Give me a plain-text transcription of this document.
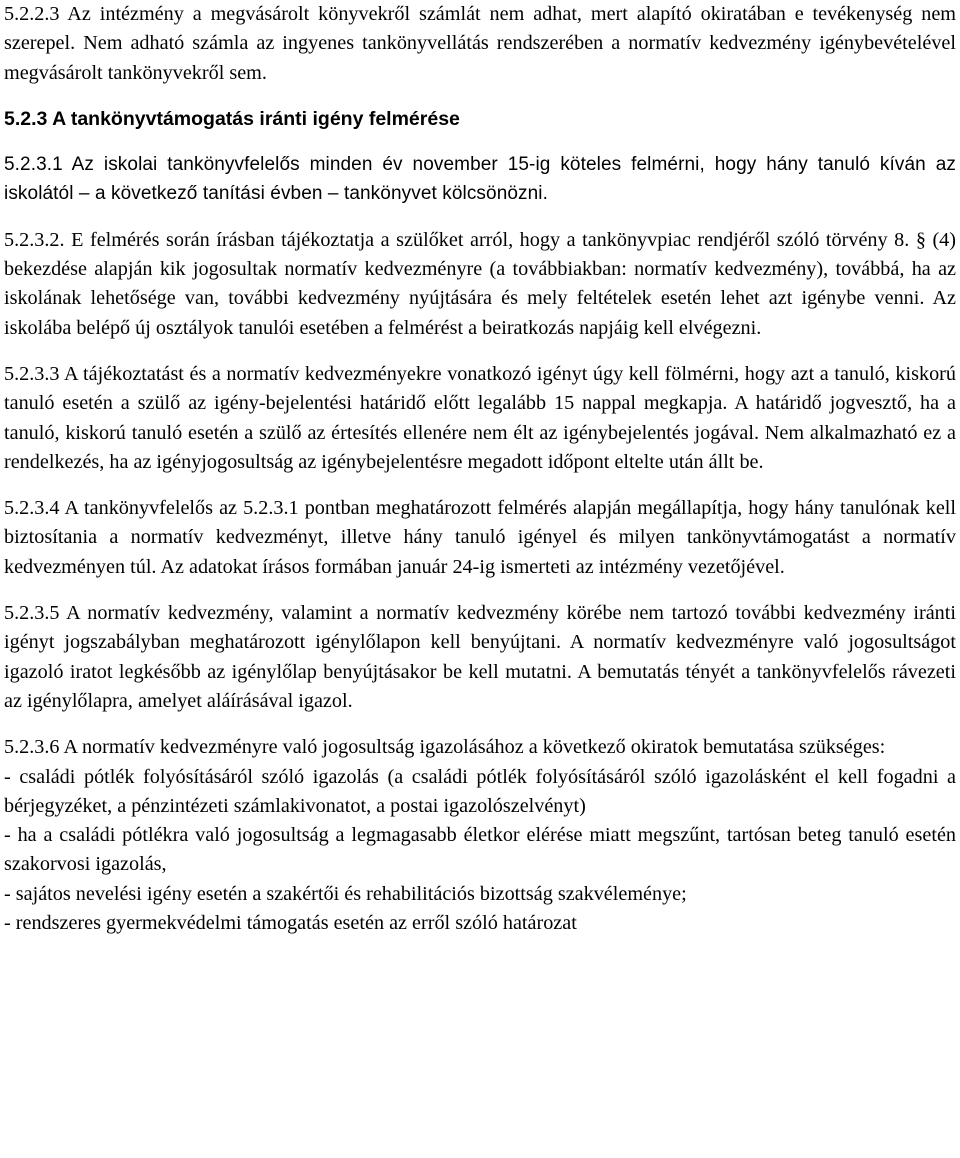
5.2.2.3 Az intézmény a megvásárolt könyvekről számlát nem adhat, mert alapító okiratában e tevékenység nem szerepel. Nem adható számla az ingyenes tankönyvellátás rendszerében a normatív kedvezmény igénybevételével megvásárolt tankönyvekről sem.

5.2.3 A tankönyvtámogatás iránti igény felmérése

5.2.3.1 Az iskolai tankönyvfelelős minden év november 15-ig köteles felmérni, hogy hány tanuló kíván az iskolától – a következő tanítási évben – tankönyvet kölcsönözni.

5.2.3.2. E felmérés során írásban tájékoztatja a szülőket arról, hogy a tankönyvpiac rendjéről szóló törvény 8. § (4) bekezdése alapján kik jogosultak normatív kedvezményre (a továbbiakban: normatív kedvezmény), továbbá, ha az iskolának lehetősége van, további kedvezmény nyújtására és mely feltételek esetén lehet azt igénybe venni. Az iskolába belépő új osztályok tanulói esetében a felmérést a beiratkozás napjáig kell elvégezni.

5.2.3.3 A tájékoztatást és a normatív kedvezményekre vonatkozó igényt úgy kell fölmérni, hogy azt a tanuló, kiskorú tanuló esetén a szülő az igény-bejelentési határidő előtt legalább 15 nappal megkapja. A határidő jogvesztő, ha a tanuló, kiskorú tanuló esetén a szülő az értesítés ellenére nem élt az igénybejelentés jogával. Nem alkalmazható ez a rendelkezés, ha az igényjogosultság az igénybejelentésre megadott időpont eltelte után állt be.

5.2.3.4 A tankönyvfelelős az 5.2.3.1 pontban meghatározott felmérés alapján megállapítja, hogy hány tanulónak kell biztosítania a normatív kedvezményt, illetve hány tanuló igényel és milyen tankönyvtámogatást a normatív kedvezményen túl. Az adatokat írásos formában január 24-ig ismerteti az intézmény vezetőjével.

5.2.3.5 A normatív kedvezmény, valamint a normatív kedvezmény körébe nem tartozó további kedvezmény iránti igényt jogszabályban meghatározott igénylőlapon kell benyújtani. A normatív kedvezményre való jogosultságot igazoló iratot legkésőbb az igénylőlap benyújtásakor be kell mutatni. A bemutatás tényét a tankönyvfelelős rávezeti az igénylőlapra, amelyet aláírásával igazol.

5.2.3.6 A normatív kedvezményre való jogosultság igazolásához a következő okiratok bemutatása szükséges:
- családi pótlék folyósításáról szóló igazolás (a családi pótlék folyósításáról szóló igazolásként el kell fogadni a bérjegyzéket, a pénzintézeti számlakivonatot, a postai igazolószelvényt)
- ha a családi pótlékra való jogosultság a legmagasabb életkor elérése miatt megszűnt, tartósan beteg tanuló esetén szakorvosi igazolás,
- sajátos nevelési igény esetén a szakértői és rehabilitációs bizottság szakvéleménye;
- rendszeres gyermekvédelmi támogatás esetén az erről szóló határozat
